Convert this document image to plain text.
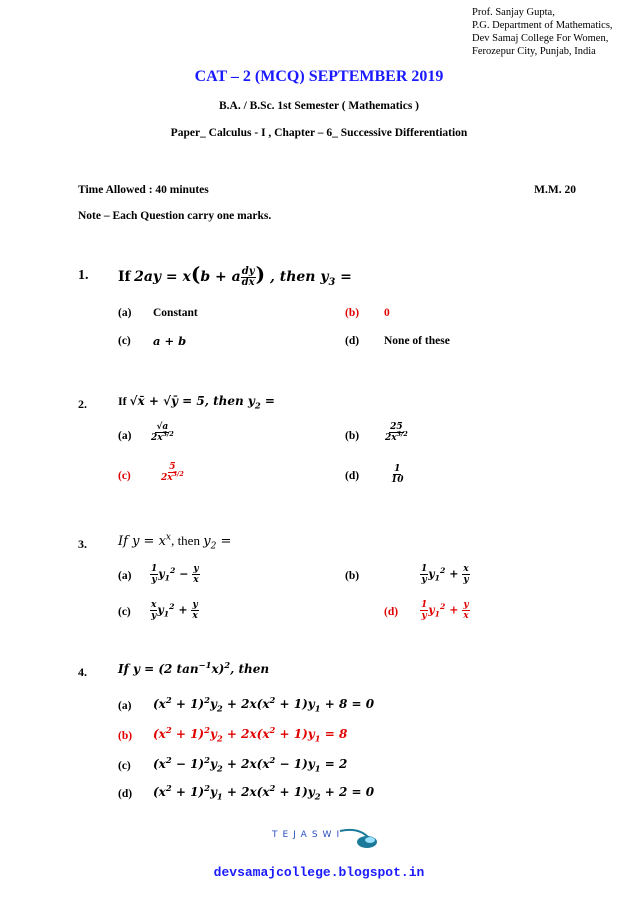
Prof. Sanjay Gupta,
P.G. Department of Mathematics,
Dev Samaj College For Women,
Ferozepur City, Punjab, India
CAT – 2 (MCQ) SEPTEMBER 2019
B.A. / B.Sc. 1st Semester ( Mathematics )
Paper_ Calculus - I , Chapter – 6_ Successive Differentiation
Time Allowed : 40 minutes	M.M. 20
Note – Each Question carry one marks.
1. If 2ay = x(b + a $\frac{dy}{dx}$ ) , then $y_3$ =
(a) Constant	(b) 0
(c) a + b	(d) None of these
2.	If √x̄ + √ȳ = 5, then $y_2$ =
$(a) \frac{√a}{2x^{3/2}}$	(b)	$\frac{25}{2x^{3/2}}$
(c)	$\frac{5}{2x^{3/2}}$	(d)	$\frac{1}{10}$
3. If $y = x^x$, then $y_2$ =
$(a) \frac{1}{y} y_1^2 - \frac{y}{x}$	(b)	$\frac{1}{y} y_1^2 + \frac{x}{y}$
$(c) \frac{x}{y} y_1^2 + \frac{y}{x}$	$(d) \frac{1}{y} y_1^2 + \frac{y}{x}$
4.	If y = (2 $\tan^{-1}x)^2$, then
(a) $(x^2 + 1)^2y_2 + 2x(x^2 + 1)y_1 + 8 = 0$
(b) $(x^2 + 1)^2y_2 + 2x(x^2 + 1)y_1 = 8$
(c) $(x^2 - 1)^2y_2 + 2x(x^2 - 1)y_1 = 2$
(d) $(x^2 + 1)^2y_1 + 2x(x^2 + 1)y_2 + 2 = 0$
TEJASWI
devsamajcollege.blogspot.in
